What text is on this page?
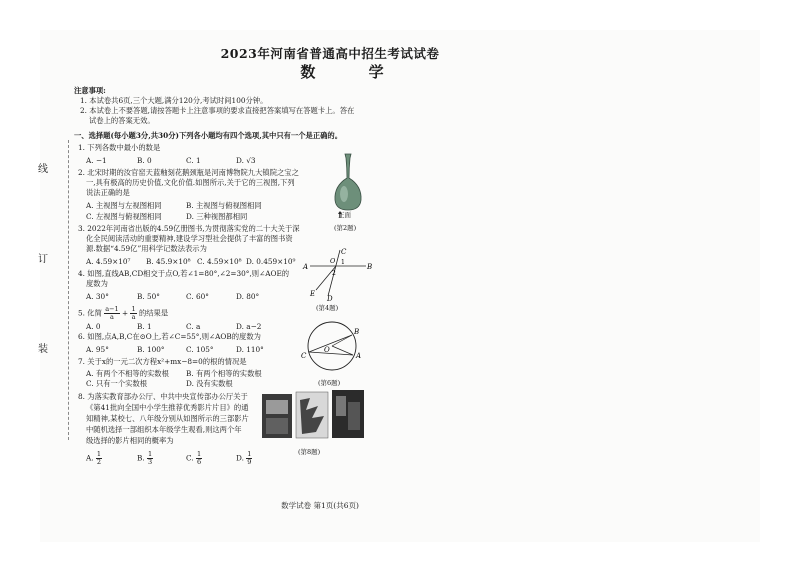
线
订
装
2023年河南省普通高中招生考试试卷
数 学
注意事项:
1. 本试卷共6页,三个大题,满分120分,考试时间100分钟。
2. 本试卷上不要答题,请按答题卡上注意事项的要求直接把答案填写在答题卡上。答在
试卷上的答案无效。
一、选择题(每小题3分,共30分)下列各小题均有四个选项,其中只有一个是正确的。
1. 下列各数中最小的数是
A. −1	B. 0	C. 1	D. √3
2. 北宋时期的汝官窑天蓝釉刻花鹅颈瓶是河南博物院九大镇院之宝之
一,具有极高的历史价值,文化价值.如图所示,关于它的三视图,下列
说法正确的是
A. 主视图与左视图相同	B. 主视图与俯视图相同
C. 左视图与俯视图相同	D. 三种视图都相同	正面
(第2题)
3. 2022年河南省出版的4.59亿册图书,为贯彻落实党的二十大关于深
化全民阅读活动的重要精神,建设学习型社会提供了丰富的图书资
源.数据“4.59亿”用科学记数法表示为
A. 4.59×10⁷ B. 45.9×10⁸ C. 4.59×10⁸ D. 0.459×10⁹
4. 如图,直线AB,CD相交于点O,若∠1=80°,∠2=30°,则∠AOE的
度数为
A. 30°	B. 50°	C. 60°	D. 80°
A	B
C
D
E
O 1
2
(第4题)
5. 化简 $\frac{a-1}{a} + \frac{1}{a}$ 的结果是
A. 0	B. 1	C. a	D. a−2
6. 如图,点A,B,C在⊙O上,若∠C=55°,则∠AOB的度数为
A. 95°	B. 100°	C. 105°	D. 110°
B
A
C
O
(第6题)
7. 关于x的一元二次方程x²+mx−8=0的根的情况是
A. 有两个不相等的实数根 B. 有两个相等的实数根
C. 只有一个实数根	D. 没有实数根
8. 为落实教育部办公厅、中共中央宣传部办公厅关于
《第41批向全国中小学生推荐优秀影片片目》的通
知精神,某校七、八年级分别从如图所示的三部影片
中随机选择一部组织本年级学生观看,则这两个年
级选择的影片相同的概率为
A. $\frac{1}{2}$	B. $\frac{1}{3}$	C. $\frac{1}{6}$	D. $\frac{1}{9}$	(第8题)
数学试卷 第1页(共6页)
